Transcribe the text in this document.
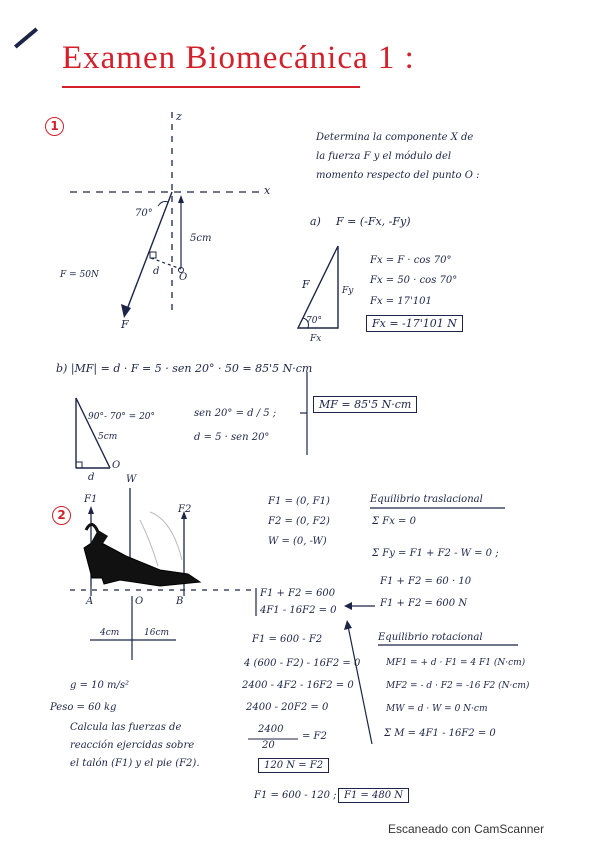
Examen Biomecánica 1 :
1
z
x
70°
5cm
d
O
F = 50N
F
Determina la componente X de
la fuerza F y el módulo del
momento respecto del punto O :
a) F = (-Fx, -Fy)
F	Fy
Fx
70°
Fx = F · cos 70°
Fx = 50 · cos 70°
Fx = 17'101
Fx = -17'101 N
b) |MF| = d · F = 5 · sen 20° · 50 = 85'5 N·cm
MF = 85'5 N·cm
90°- 70° = 20°	sen 20° = d / 5 ;
d = 5 · sen 20°
5cm
d
O
2
F1
W
F2
A	O	B
4cm	16cm
F1 = (0, F1)
F2 = (0, F2)
W = (0, -W)
Equilibrio traslacional
Σ Fx = 0
Σ Fy = F1 + F2 - W = 0 ;
F1 + F2 = 60 · 10
F1 + F2 = 600 N
F1 + F2 = 600
4F1 - 16F2 = 0
Equilibrio rotacional
MF1 = + d · F1 = 4 F1 (N·cm)
MF2 = - d · F2 = -16 F2 (N·cm)
MW = d · W = 0 N·cm
Σ M = 4F1 - 16F2 = 0
F1 = 600 - F2
4 (600 - F2) - 16F2 = 0
2400 - 4F2 - 16F2 = 0
2400 - 20F2 = 0
2400
20
= F2
120 N = F2
F1 = 600 - 120 ; F1 = 480 N
g = 10 m/s²
Peso = 60 kg
Calcula las fuerzas de
reacción ejercidas sobre
el talón (F1) y el pie (F2).
Escaneado con CamScanner
